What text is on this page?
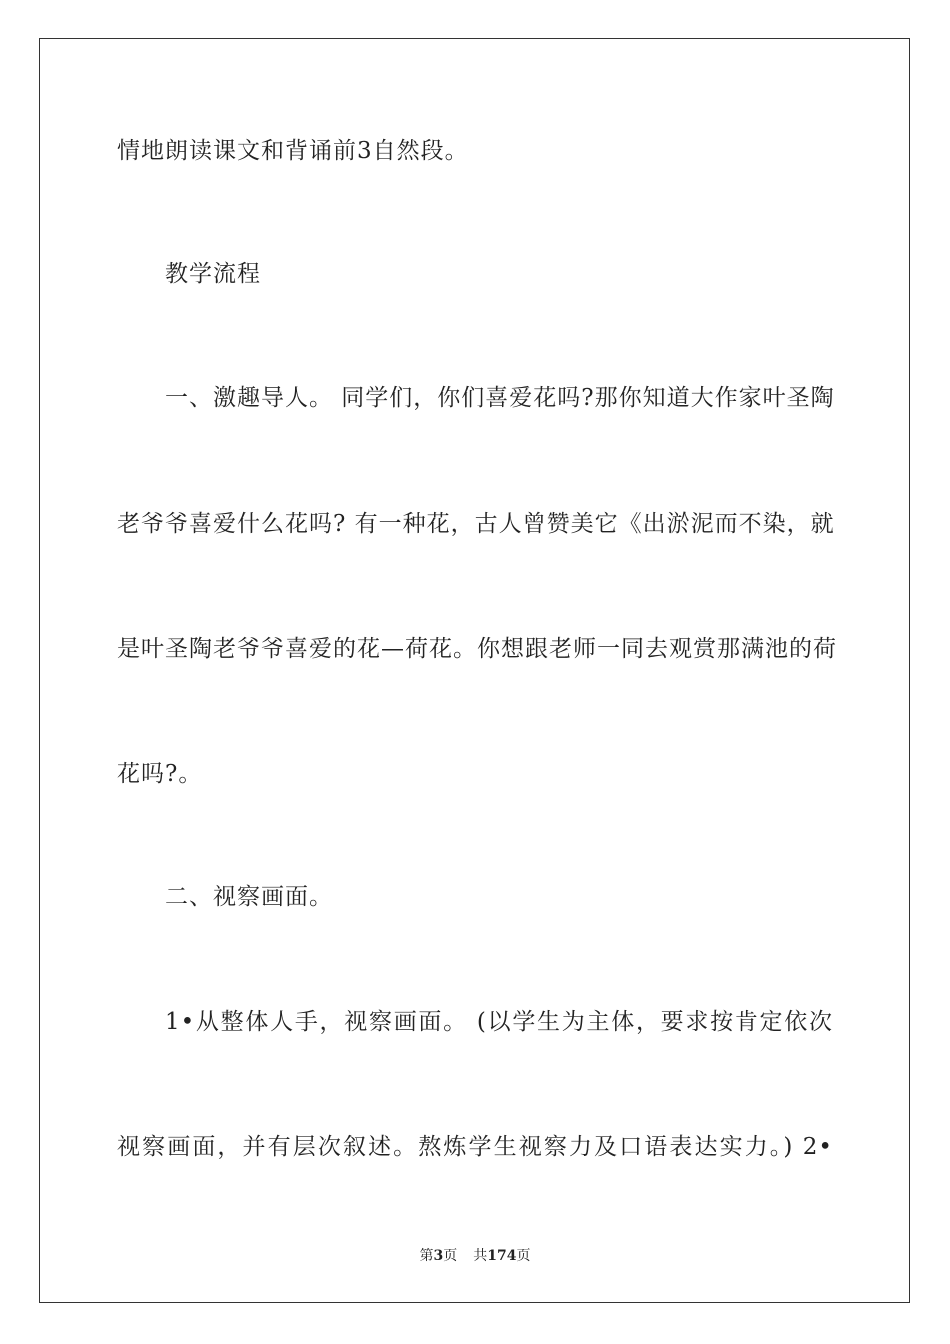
情地朗读课文和背诵前3自然段。
教学流程
一、激趣导人。 同学们，你们喜爱花吗?那你知道大作家叶圣陶
老爷爷喜爱什么花吗? 有一种花，古人曾赞美它《出淤泥而不染，就
是叶圣陶老爷爷喜爱的花—荷花。你想跟老师一同去观赏那满池的荷
花吗?。
二、视察画面。
1•从整体人手，视察画面。 (以学生为主体，要求按肯定依次
视察画面，并有层次叙述。熬炼学生视察力及口语表达实力。) 2•
第3页 共174页
